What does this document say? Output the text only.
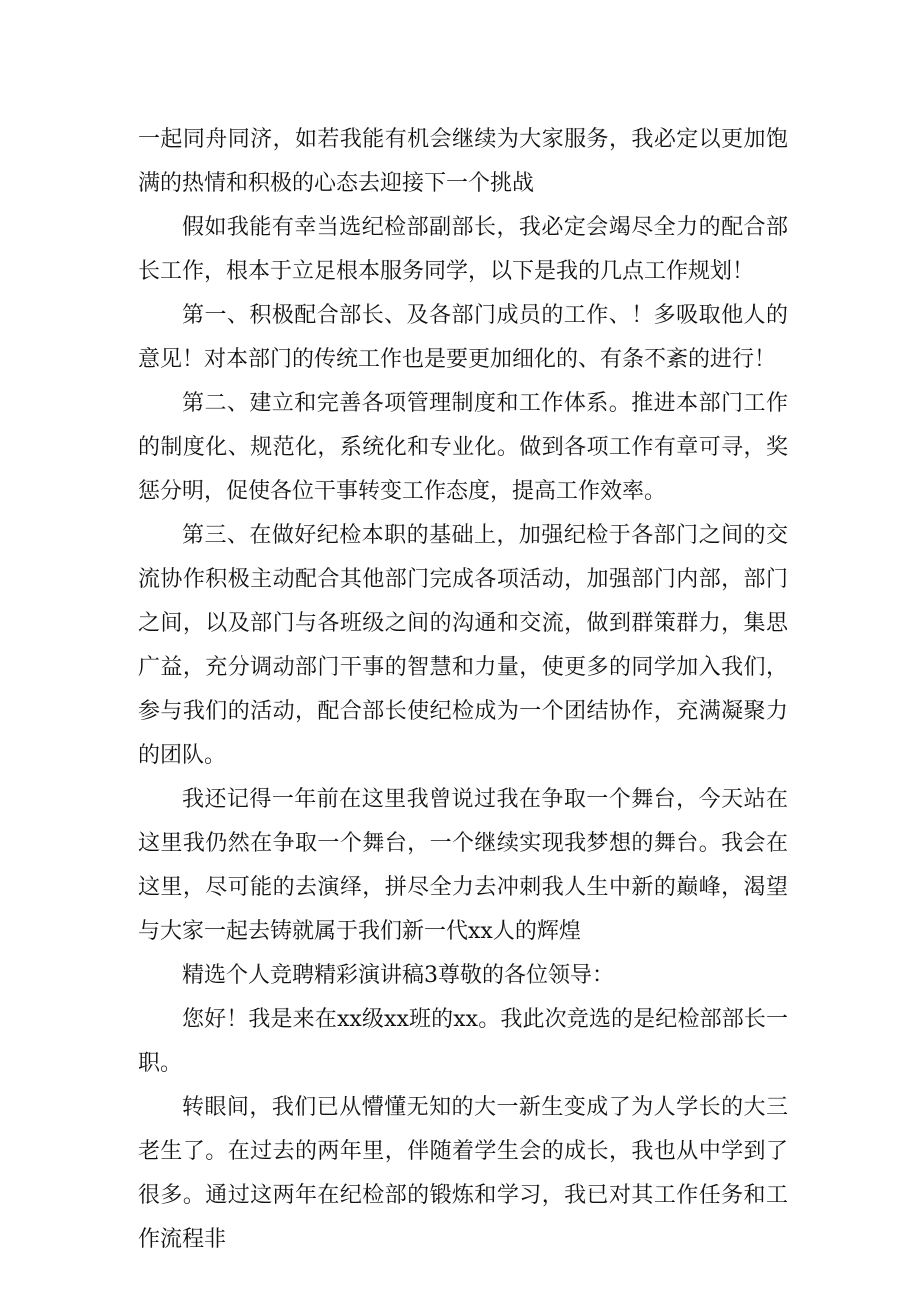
一起同舟同济，如若我能有机会继续为大家服务，我必定以更加饱满的热情和积极的心态去迎接下一个挑战

假如我能有幸当选纪检部副部长，我必定会竭尽全力的配合部长工作，根本于立足根本服务同学，以下是我的几点工作规划！

第一、积极配合部长、及各部门成员的工作、！多吸取他人的意见！对本部门的传统工作也是要更加细化的、有条不紊的进行！

第二、建立和完善各项管理制度和工作体系。推进本部门工作的制度化、规范化，系统化和专业化。做到各项工作有章可寻，奖惩分明，促使各位干事转变工作态度，提高工作效率。

第三、在做好纪检本职的基础上，加强纪检于各部门之间的交流协作积极主动配合其他部门完成各项活动，加强部门内部，部门之间，以及部门与各班级之间的沟通和交流，做到群策群力，集思广益，充分调动部门干事的智慧和力量，使更多的同学加入我们，参与我们的活动，配合部长使纪检成为一个团结协作，充满凝聚力的团队。

我还记得一年前在这里我曾说过我在争取一个舞台，今天站在这里我仍然在争取一个舞台，一个继续实现我梦想的舞台。我会在这里，尽可能的去演绎，拼尽全力去冲刺我人生中新的巅峰，渴望与大家一起去铸就属于我们新一代xx人的辉煌

精选个人竞聘精彩演讲稿3尊敬的各位领导：

您好！我是来在xx级xx班的xx。我此次竞选的是纪检部部长一职。

转眼间，我们已从懵懂无知的大一新生变成了为人学长的大三老生了。在过去的两年里，伴随着学生会的成长，我也从中学到了很多。通过这两年在纪检部的锻炼和学习，我已对其工作任务和工作流程非
